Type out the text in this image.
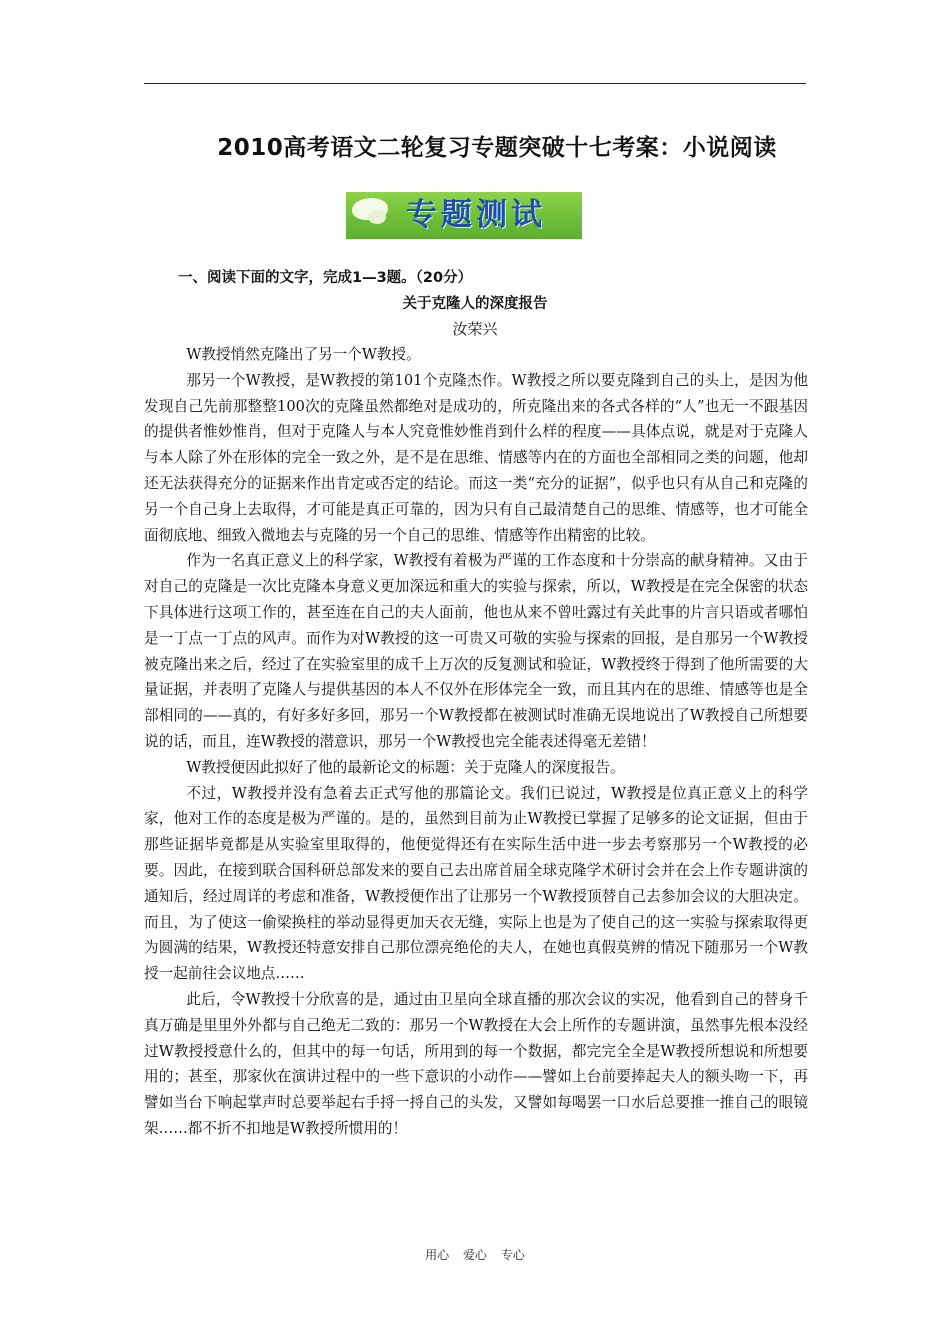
2010高考语文二轮复习专题突破十七考案：小说阅读
专题测试
一、阅读下面的文字，完成1—3题。（20分）
关于克隆人的深度报告
汝荣兴

W教授悄然克隆出了另一个W教授。

那另一个W教授，是W教授的第101个克隆杰作。W教授之所以要克隆到自己的头上，是因为他发现自己先前那整整100次的克隆虽然都绝对是成功的，所克隆出来的各式各样的“人”也无一不跟基因的提供者惟妙惟肖，但对于克隆人与本人究竟惟妙惟肖到什么样的程度——具体点说，就是对于克隆人与本人除了外在形体的完全一致之外，是不是在思维、情感等内在的方面也全部相同之类的问题，他却还无法获得充分的证据来作出肯定或否定的结论。而这一类“充分的证据”，似乎也只有从自己和克隆的另一个自己身上去取得，才可能是真正可靠的，因为只有自己最清楚自己的思维、情感等，也才可能全面彻底地、细致入微地去与克隆的另一个自己的思维、情感等作出精密的比较。

作为一名真正意义上的科学家，W教授有着极为严谨的工作态度和十分崇高的献身精神。又由于对自己的克隆是一次比克隆本身意义更加深远和重大的实验与探索，所以，W教授是在完全保密的状态下具体进行这项工作的，甚至连在自己的夫人面前，他也从来不曾吐露过有关此事的片言只语或者哪怕是一丁点一丁点的风声。而作为对W教授的这一可贵又可敬的实验与探索的回报，是自那另一个W教授被克隆出来之后，经过了在实验室里的成千上万次的反复测试和验证，W教授终于得到了他所需要的大量证据，并表明了克隆人与提供基因的本人不仅外在形体完全一致，而且其内在的思维、情感等也是全部相同的——真的，有好多好多回，那另一个W教授都在被测试时准确无误地说出了W教授自己所想要说的话，而且，连W教授的潜意识，那另一个W教授也完全能表述得毫无差错！

W教授便因此拟好了他的最新论文的标题：关于克隆人的深度报告。

不过，W教授并没有急着去正式写他的那篇论文。我们已说过，W教授是位真正意义上的科学家，他对工作的态度是极为严谨的。是的，虽然到目前为止W教授已掌握了足够多的论文证据，但由于那些证据毕竟都是从实验室里取得的，他便觉得还有在实际生活中进一步去考察那另一个W教授的必要。因此，在接到联合国科研总部发来的要自己去出席首届全球克隆学术研讨会并在会上作专题讲演的通知后，经过周详的考虑和准备，W教授便作出了让那另一个W教授顶替自己去参加会议的大胆决定。而且，为了使这一偷梁换柱的举动显得更加天衣无缝，实际上也是为了使自己的这一实验与探索取得更为圆满的结果，W教授还特意安排自己那位漂亮绝伦的夫人，在她也真假莫辨的情况下随那另一个W教授一起前往会议地点……

此后，令W教授十分欣喜的是，通过由卫星向全球直播的那次会议的实况，他看到自己的替身千真万确是里里外外都与自己绝无二致的：那另一个W教授在大会上所作的专题讲演，虽然事先根本没经过W教授授意什么的，但其中的每一句话，所用到的每一个数据，都完完全全是W教授所想说和所想要用的；甚至，那家伙在演讲过程中的一些下意识的小动作——譬如上台前要捧起夫人的额头吻一下，再譬如当台下响起掌声时总要举起右手捋一捋自己的头发，又譬如每喝罢一口水后总要推一推自己的眼镜架……都不折不扣地是W教授所惯用的！

用心 爱心 专心
